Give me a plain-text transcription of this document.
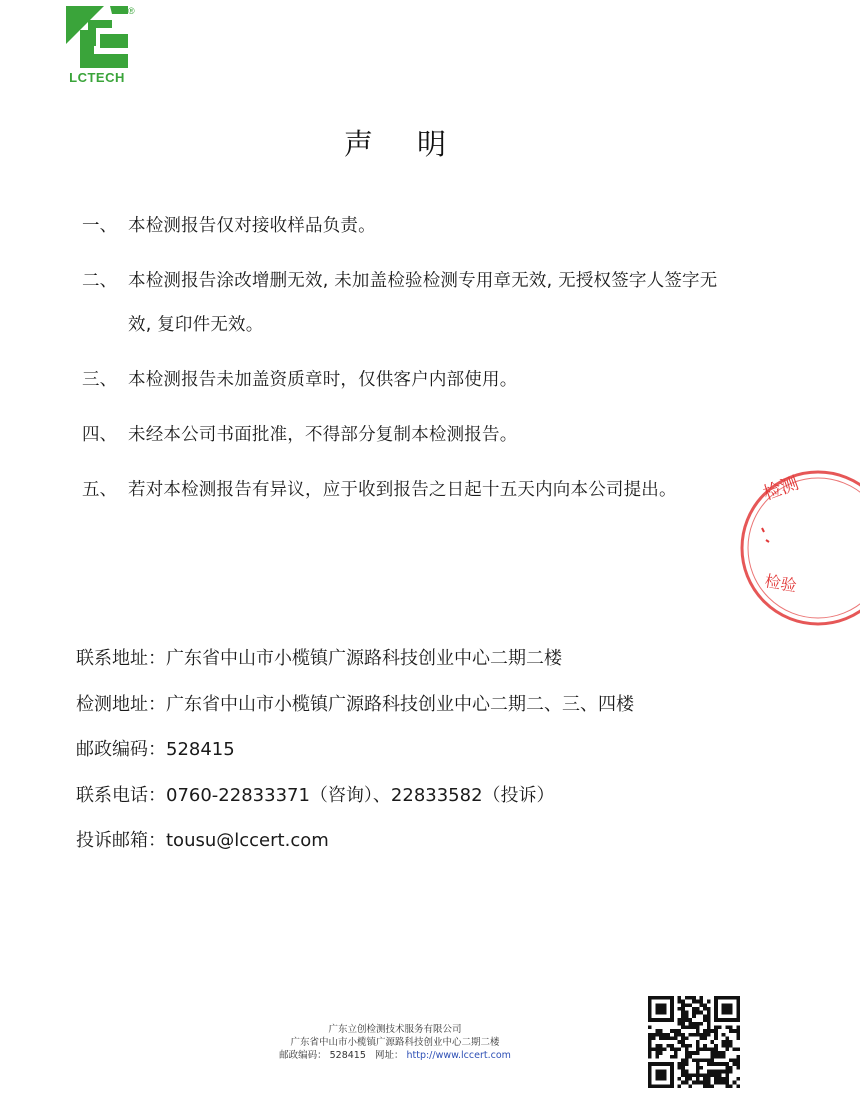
®
LCTECH
声明
一、 本检测报告仅对接收样品负责。
二、 本检测报告涂改增删无效, 未加盖检验检测专用章无效, 无授权签字人签字无效, 复印件无效。
三、 本检测报告未加盖资质章时，仅供客户内部使用。
四、 未经本公司书面批准，不得部分复制本检测报告。
五、 若对本检测报告有异议，应于收到报告之日起十五天内向本公司提出。
联系地址：广东省中山市小榄镇广源路科技创业中心二期二楼
检测地址：广东省中山市小榄镇广源路科技创业中心二期二、三、四楼
邮政编码：528415
联系电话：0760-22833371（咨询）、22833582（投诉）
投诉邮箱：tousu@lccert.com
检测
检验
广东立创检测技术服务有限公司
广东省中山市小榄镇广源路科技创业中心二期二楼
邮政编码： 528415 网址： http://www.lccert.com
